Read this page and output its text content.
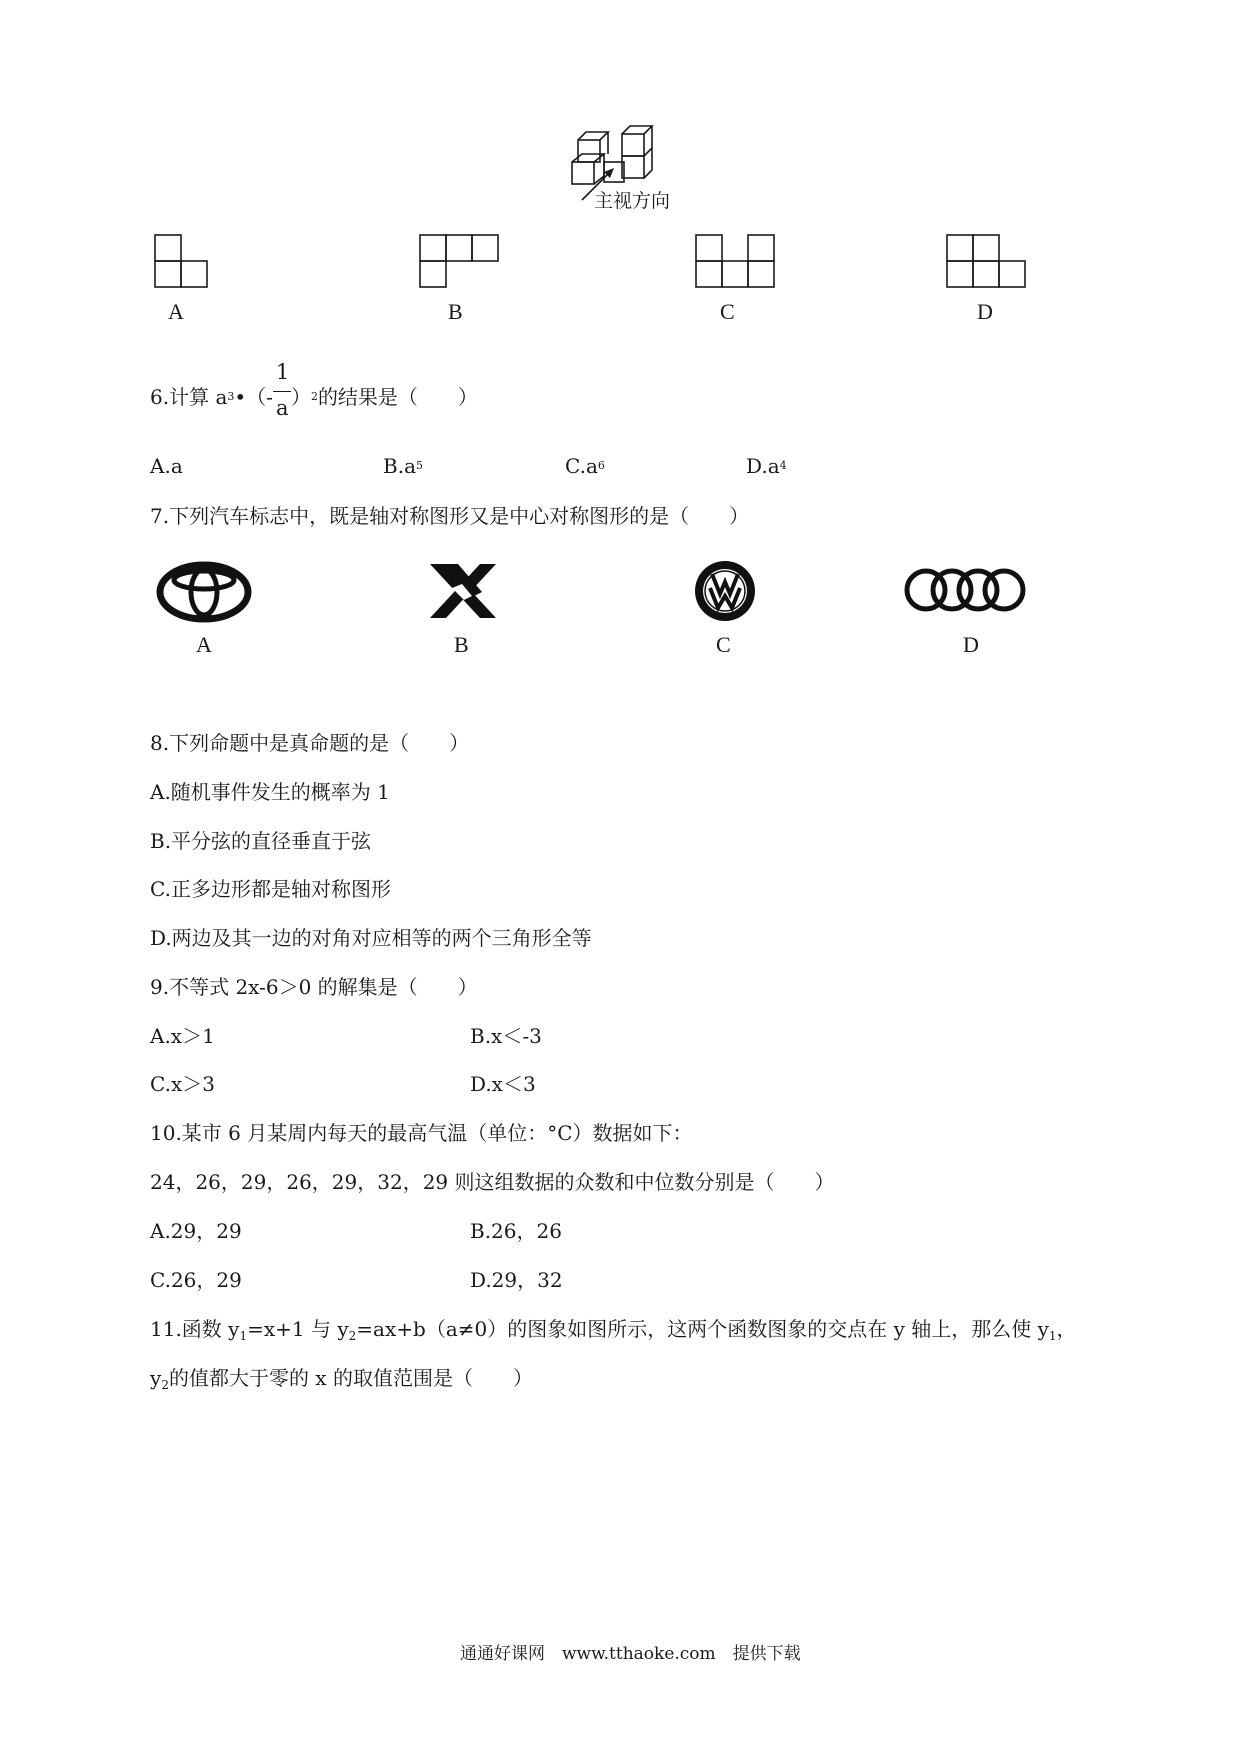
主视方向
A	B	C	D
6.计算 $a^3•(- \frac{1}{a} )^2$的结果是（　　）
A.a	$B.a^5$	$C.a^6$	$D.a^4$
7.下列汽车标志中，既是轴对称图形又是中心对称图形的是（　　）
A	B	C	D
8.下列命题中是真命题的是（　　）
A.随机事件发生的概率为 1
B.平分弦的直径垂直于弦
C.正多边形都是轴对称图形
D.两边及其一边的对角对应相等的两个三角形全等
9.不等式 2x-6＞0 的解集是（　　）
A.x＞1	B.x＜-3
C.x＞3	D.x＜3
10.某市 6 月某周内每天的最高气温（单位：°C）数据如下：
24，26，29，26，29，32，29 则这组数据的众数和中位数分别是（　　）
A.29，29	B.26，26
C.26，29	D.29，32
11.函数 $y_1=x+1$ 与 $y_2=ax+b(a\ne 0)$的图象如图所示，这两个函数图象的交点在 y 轴上，那么使 $y_1$，
$y_2$的值都大于零的 x 的取值范围是（　　）
通通好课网　www.tthaoke.com　提供下载
